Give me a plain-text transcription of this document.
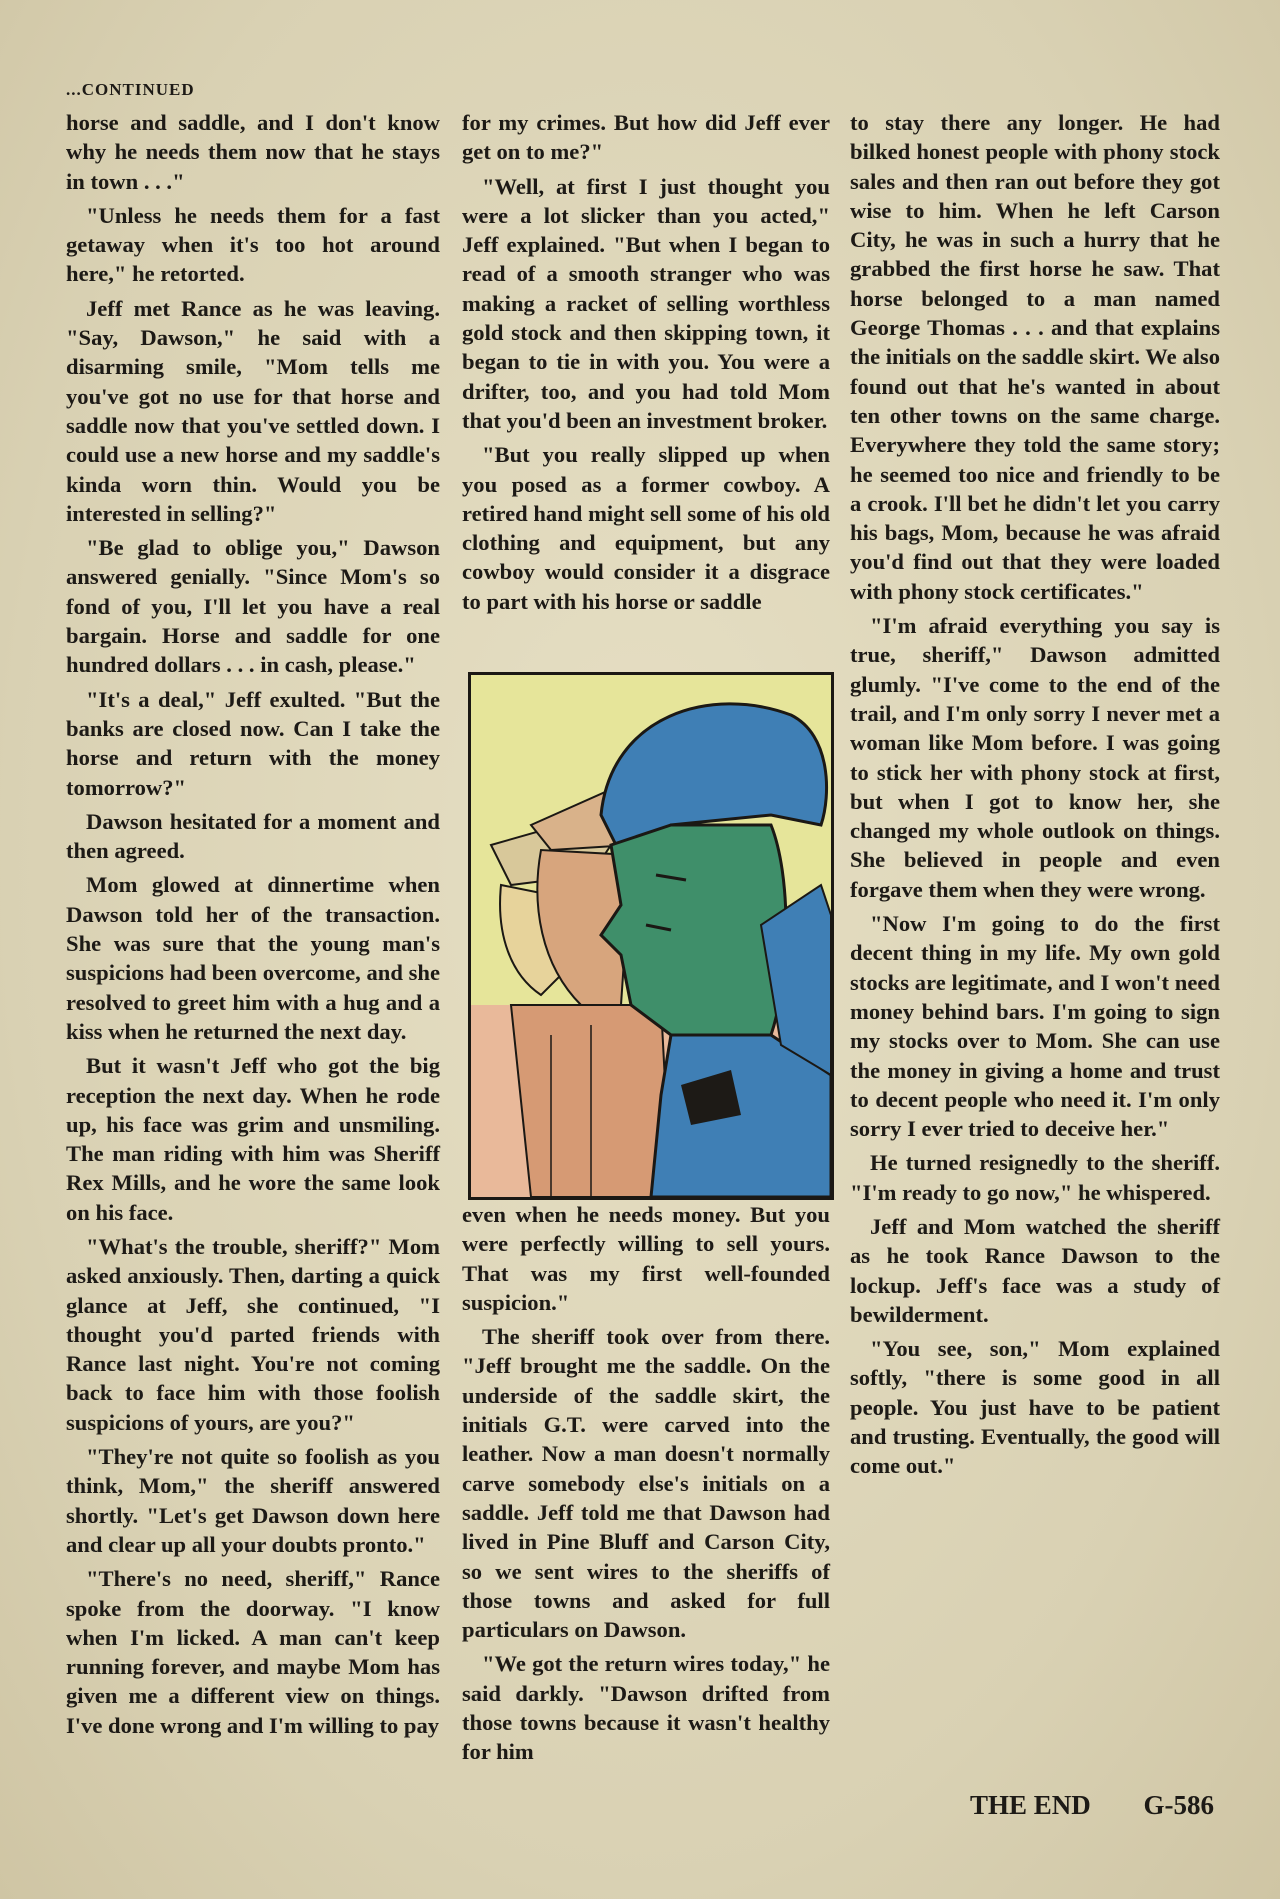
...CONTINUED

horse and saddle, and I don't know why he needs them now that he stays in town . . ."

"Unless he needs them for a fast getaway when it's too hot around here," he retorted.

Jeff met Rance as he was leaving. "Say, Dawson," he said with a disarming smile, "Mom tells me you've got no use for that horse and saddle now that you've settled down. I could use a new horse and my saddle's kinda worn thin. Would you be interested in selling?"

"Be glad to oblige you," Dawson answered genially. "Since Mom's so fond of you, I'll let you have a real bargain. Horse and saddle for one hundred dollars . . . in cash, please."

"It's a deal," Jeff exulted. "But the banks are closed now. Can I take the horse and return with the money tomorrow?"

Dawson hesitated for a moment and then agreed.

Mom glowed at dinnertime when Dawson told her of the transaction. She was sure that the young man's suspicions had been overcome, and she resolved to greet him with a hug and a kiss when he returned the next day.

But it wasn't Jeff who got the big reception the next day. When he rode up, his face was grim and unsmiling. The man riding with him was Sheriff Rex Mills, and he wore the same look on his face.

"What's the trouble, sheriff?" Mom asked anxiously. Then, darting a quick glance at Jeff, she continued, "I thought you'd parted friends with Rance last night. You're not coming back to face him with those foolish suspicions of yours, are you?"

"They're not quite so foolish as you think, Mom," the sheriff answered shortly. "Let's get Dawson down here and clear up all your doubts pronto."

"There's no need, sheriff," Rance spoke from the doorway. "I know when I'm licked. A man can't keep running forever, and maybe Mom has given me a different view on things. I've done wrong and I'm willing to pay

for my crimes. But how did Jeff ever get on to me?"

"Well, at first I just thought you were a lot slicker than you acted," Jeff explained. "But when I began to read of a smooth stranger who was making a racket of selling worthless gold stock and then skipping town, it began to tie in with you. You were a drifter, too, and you had told Mom that you'd been an investment broker.

"But you really slipped up when you posed as a former cowboy. A retired hand might sell some of his old clothing and equipment, but any cowboy would consider it a disgrace to part with his horse or saddle

even when he needs money. But you were perfectly willing to sell yours. That was my first well-founded suspicion."

The sheriff took over from there. "Jeff brought me the saddle. On the underside of the saddle skirt, the initials G.T. were carved into the leather. Now a man doesn't normally carve somebody else's initials on a saddle. Jeff told me that Dawson had lived in Pine Bluff and Carson City, so we sent wires to the sheriffs of those towns and asked for full particulars on Dawson.

"We got the return wires today," he said darkly. "Dawson drifted from those towns because it wasn't healthy for him

to stay there any longer. He had bilked honest people with phony stock sales and then ran out before they got wise to him. When he left Carson City, he was in such a hurry that he grabbed the first horse he saw. That horse belonged to a man named George Thomas . . . and that explains the initials on the saddle skirt. We also found out that he's wanted in about ten other towns on the same charge. Everywhere they told the same story; he seemed too nice and friendly to be a crook. I'll bet he didn't let you carry his bags, Mom, because he was afraid you'd find out that they were loaded with phony stock certificates."

"I'm afraid everything you say is true, sheriff," Dawson admitted glumly. "I've come to the end of the trail, and I'm only sorry I never met a woman like Mom before. I was going to stick her with phony stock at first, but when I got to know her, she changed my whole outlook on things. She believed in people and even forgave them when they were wrong.

"Now I'm going to do the first decent thing in my life. My own gold stocks are legitimate, and I won't need money behind bars. I'm going to sign my stocks over to Mom. She can use the money in giving a home and trust to decent people who need it. I'm only sorry I ever tried to deceive her."

He turned resignedly to the sheriff. "I'm ready to go now," he whispered.

Jeff and Mom watched the sheriff as he took Rance Dawson to the lockup. Jeff's face was a study of bewilderment.

"You see, son," Mom explained softly, "there is some good in all people. You just have to be patient and trusting. Eventually, the good will come out."

THE END G-586
